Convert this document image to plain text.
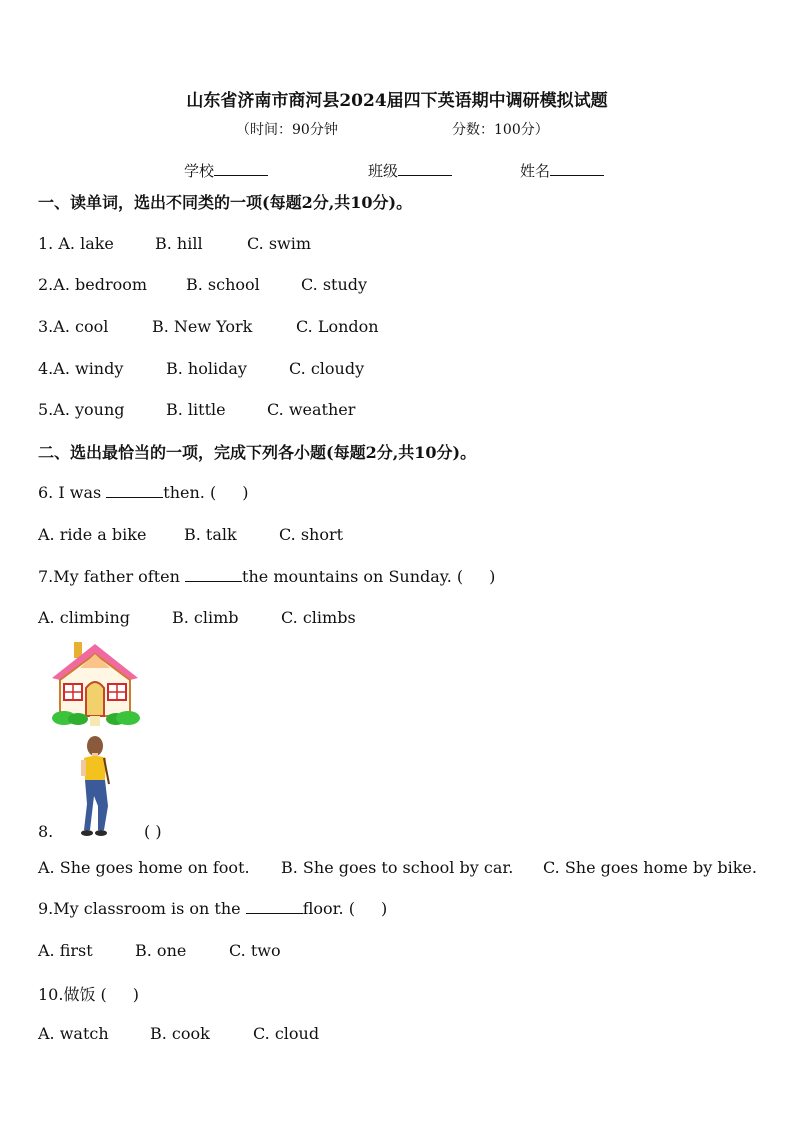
山东省济南市商河县2024届四下英语期中调研模拟试题
（时间：90分钟	分数：100分）
学校	班级	姓名
一、读单词，选出不同类的一项(每题2分,共10分)。
1. A. lake	B. hill	C. swim
2.A. bedroom B. school	C. study
3.A. cool	B. New York	C. London
4.A. windy	B. holiday	C. cloudy
5.A. young	B. little	C. weather
二、选出最恰当的一项，完成下列各小题(每题2分,共10分)。
6. I was	then. ( )
A. ride a bike B. talk	C. short
7.My father often	the mountains on Sunday. ( )
A. climbing	B. climb	C. climbs
8.	( )
A. She goes home on foot. B. She goes to school by car. C. She goes home by bike.
9.My classroom is on the	floor. ( )
A. first	B. one	C. two
10.做饭 ( )
A. watch	B. cook	C. cloud
